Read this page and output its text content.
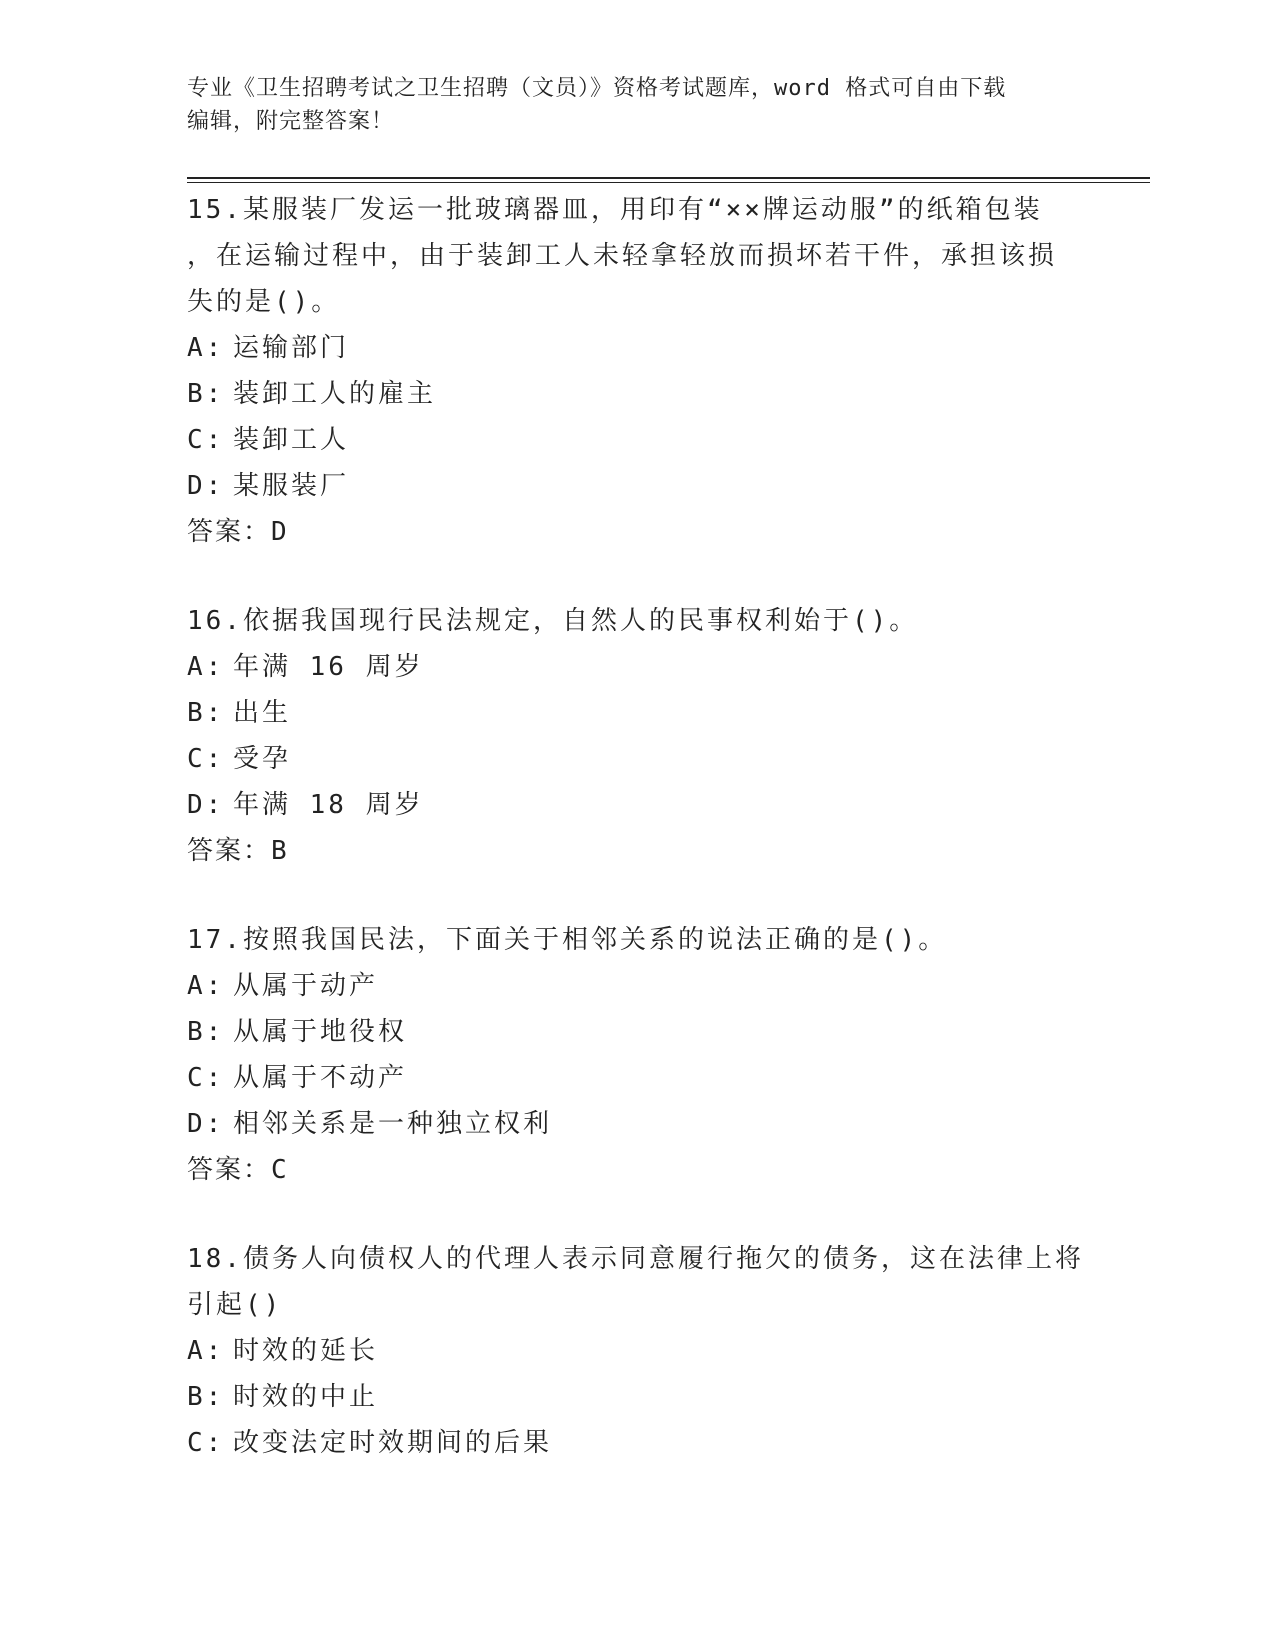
专业《卫生招聘考试之卫生招聘（文员）》资格考试题库，word 格式可自由下载
编辑，附完整答案！
15.某服装厂发运一批玻璃器皿，用印有“××牌运动服”的纸箱包装
，在运输过程中，由于装卸工人未轻拿轻放而损坏若干件，承担该损
失的是()。
A: 运输部门
B: 装卸工人的雇主
C: 装卸工人
D: 某服装厂
答案：D
16.依据我国现行民法规定，自然人的民事权利始于()。
A: 年满 16 周岁
B: 出生
C: 受孕
D: 年满 18 周岁
答案：B
17.按照我国民法，下面关于相邻关系的说法正确的是()。
A: 从属于动产
B: 从属于地役权
C: 从属于不动产
D: 相邻关系是一种独立权利
答案：C
18.债务人向债权人的代理人表示同意履行拖欠的债务，这在法律上将
引起()
A: 时效的延长
B: 时效的中止
C: 改变法定时效期间的后果
